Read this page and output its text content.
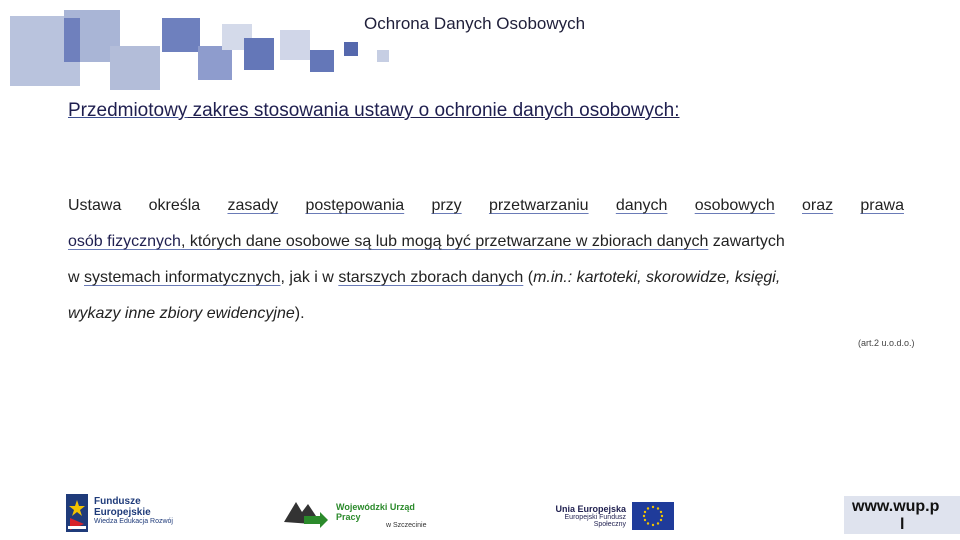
Ochrona Danych Osobowych
Przedmiotowy zakres stosowania ustawy o ochronie danych osobowych:
Ustawa określa zasady postępowania przy przetwarzaniu danych osobowych oraz prawa
osób fizycznych, których dane osobowe są lub mogą być przetwarzane w zbiorach danych zawartych
w systemach informatycznych, jak i w starszych zborach danych (m.in.: kartoteki, skorowidze, księgi,
wykazy inne zbiory ewidencyjne).
(art.2 u.o.d.o.)
Fundusze
Europejskie
Wiedza Edukacja Rozwój
Wojewódzki Urząd Pracy
w Szczecinie
Unia Europejska
Europejski Fundusz Społeczny
www.wup.p
l
